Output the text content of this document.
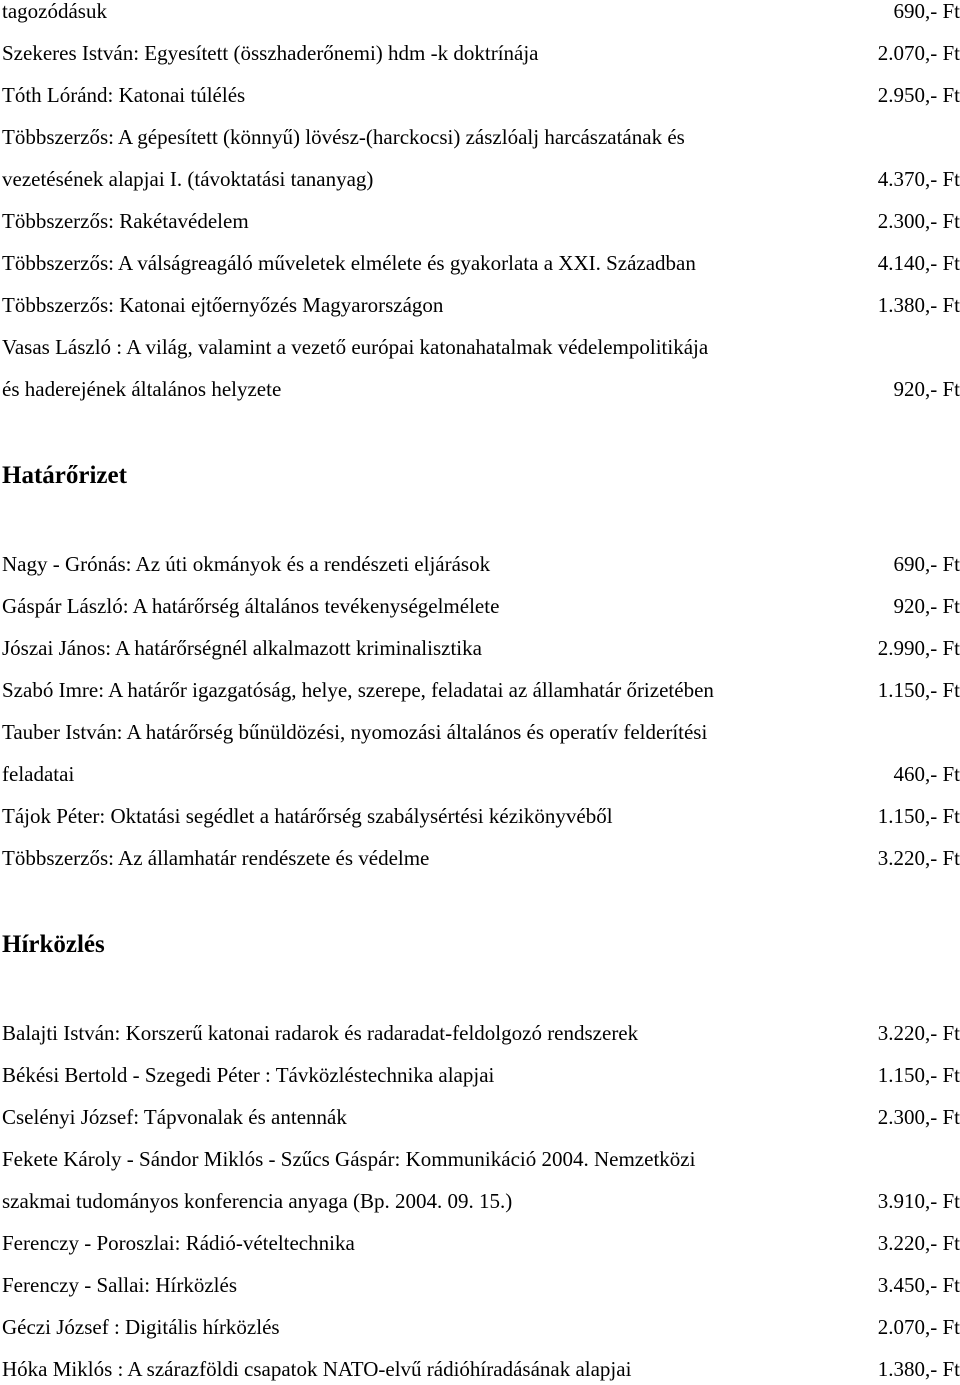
tagozódásuk	690,- Ft
Szekeres István: Egyesített (összhaderőnemi) hdm -k doktrínája	2.070,- Ft
Tóth Lóránd: Katonai túlélés	2.950,- Ft
Többszerzős: A gépesített (könnyű) lövész-(harckocsi) zászlóalj harcászatának és
vezetésének alapjai I. (távoktatási tananyag)	4.370,- Ft
Többszerzős: Rakétavédelem	2.300,- Ft
Többszerzős: A válságreagáló műveletek elmélete és gyakorlata a XXI. Században	4.140,- Ft
Többszerzős: Katonai ejtőernyőzés Magyarországon	1.380,- Ft
Vasas László : A világ, valamint a vezető európai katonahatalmak védelempolitikája
és haderejének általános helyzete	920,- Ft
Határőrizet
Nagy - Grónás: Az úti okmányok és a rendészeti eljárások	690,- Ft
Gáspár László: A határőrség általános tevékenységelmélete	920,- Ft
Jószai János: A határőrségnél alkalmazott kriminalisztika	2.990,- Ft
Szabó Imre: A határőr igazgatóság, helye, szerepe, feladatai az államhatár őrizetében	1.150,- Ft
Tauber István: A határőrség bűnüldözési, nyomozási általános és operatív felderítési
feladatai	460,- Ft
Tájok Péter: Oktatási segédlet a határőrség szabálysértési kézikönyvéből	1.150,- Ft
Többszerzős: Az államhatár rendészete és védelme	3.220,- Ft
Hírközlés
Balajti István: Korszerű katonai radarok és radaradat-feldolgozó rendszerek	3.220,- Ft
Békési Bertold - Szegedi Péter : Távközléstechnika alapjai	1.150,- Ft
Cselényi József: Tápvonalak és antennák	2.300,- Ft
Fekete Károly - Sándor Miklós - Szűcs Gáspár: Kommunikáció 2004. Nemzetközi
szakmai tudományos konferencia anyaga (Bp. 2004. 09. 15.)	3.910,- Ft
Ferenczy - Poroszlai: Rádió-vételtechnika	3.220,- Ft
Ferenczy - Sallai: Hírközlés	3.450,- Ft
Géczi József : Digitális hírközlés	2.070,- Ft
Hóka Miklós : A szárazföldi csapatok NATO-elvű rádióhíradásának alapjai	1.380,- Ft
